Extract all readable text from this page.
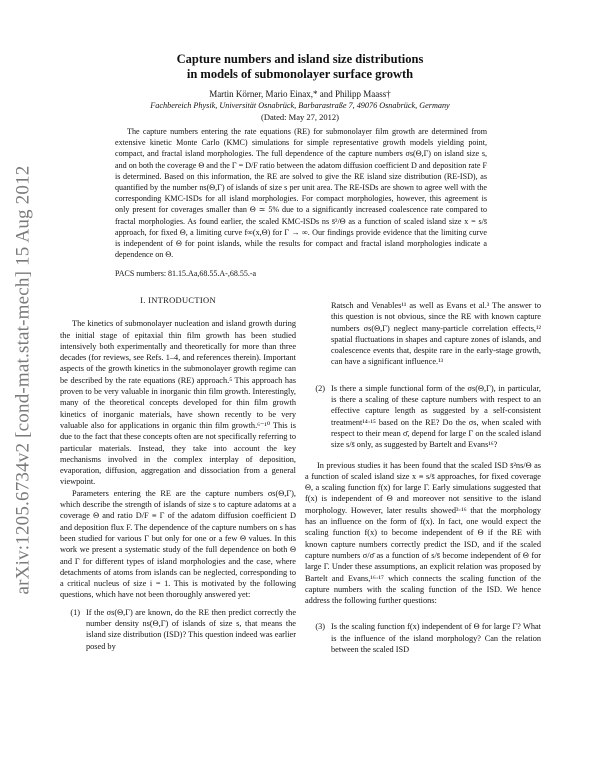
arXiv:1205.6734v2 [cond-mat.stat-mech] 15 Aug 2012
Capture numbers and island size distributions
in models of submonolayer surface growth
Martin Körner, Mario Einax,* and Philipp Maass†
Fachbereich Physik, Universität Osnabrück, Barbarastraße 7, 49076 Osnabrück, Germany
(Dated: May 27, 2012)

The capture numbers entering the rate equations (RE) for submonolayer film growth are determined from extensive kinetic Monte Carlo (KMC) simulations for simple representative growth models yielding point, compact, and fractal island morphologies. The full dependence of the capture numbers σs(Θ,Γ) on island size s, and on both the coverage Θ and the Γ = D/F ratio between the adatom diffusion coefficient D and deposition rate F is determined. Based on this information, the RE are solved to give the RE island size distribution (RE-ISD), as quantified by the number ns(Θ,Γ) of islands of size s per unit area. The RE-ISDs are shown to agree well with the corresponding KMC-ISDs for all island morphologies. For compact morphologies, however, this agreement is only present for coverages smaller than Θ ≃ 5% due to a significantly increased coalescence rate compared to fractal morphologies. As found earlier, the scaled KMC-ISDs ns s̄²/Θ as a function of scaled island size x = s/s̄ approach, for fixed Θ, a limiting curve f∞(x,Θ) for Γ → ∞. Our findings provide evidence that the limiting curve is independent of Θ for point islands, while the results for compact and fractal island morphologies indicate a dependence on Θ.

PACS numbers: 81.15.Aa,68.55.A-,68.55.-a
I. INTRODUCTION

The kinetics of submonolayer nucleation and island growth during the initial stage of epitaxial thin film growth has been studied intensively both experimentally and theoretically for more than three decades (for reviews, see Refs. 1–4, and references therein). Important aspects of the growth kinetics in the submonolayer growth regime can be described by the rate equations (RE) approach.⁵ This approach has proven to be very valuable in inorganic thin film growth. Interestingly, many of the theoretical concepts developed for thin film growth kinetics of inorganic materials, have shown recently to be very valuable also for applications in organic thin film growth.⁶⁻¹⁰ This is due to the fact that these concepts often are not specifically referring to particular materials. Instead, they take into account the key mechanisms involved in the complex interplay of deposition, evaporation, diffusion, aggregation and dissociation from a general viewpoint.

Parameters entering the RE are the capture numbers σs(Θ,Γ), which describe the strength of islands of size s to capture adatoms at a coverage Θ and ratio D/F ≡ Γ of the adatom diffusion coefficient D and deposition flux F. The dependence of the capture numbers on s has been studied for various Γ but only for one or a few Θ values. In this work we present a systematic study of the full dependence on both Θ and Γ for different types of island morphologies and the case, where detachments of atoms from islands can be neglected, corresponding to a critical nucleus of size i = 1. This is motivated by the following questions, which have not been thoroughly answered yet:

(1) If the σs(Θ,Γ) are known, do the RE then predict correctly the number density ns(Θ,Γ) of islands of size s, that means the island size distribution (ISD)? This question indeed was earlier posed by
Ratsch and Venables¹¹ as well as Evans et al.³ The answer to this question is not obvious, since the RE with known capture numbers σs(Θ,Γ) neglect many-particle correlation effects,¹² spatial fluctuations in shapes and capture zones of islands, and coalescence events that, despite rare in the early-stage growth, can have a significant influence.¹³
(2) Is there a simple functional form of the σs(Θ,Γ), in particular, is there a scaling of these capture numbers with respect to an effective capture length as suggested by a self-consistent treatment¹⁴·¹⁵ based on the RE? Do the σs, when scaled with respect to their mean σ̄, depend for large Γ on the scaled island size s/s̄ only, as suggested by Bartelt and Evans¹⁶?

In previous studies it has been found that the scaled ISD s̄²ns/Θ as a function of scaled island size x ≡ s/s̄ approaches, for fixed coverage Θ, a scaling function f(x) for large Γ. Early simulations suggested that f(x) is independent of Θ and moreover not sensitive to the island morphology. However, later results showed³·¹⁶ that the morphology has an influence on the form of f(x). In fact, one would expect the scaling function f(x) to become independent of Θ if the RE with known capture numbers correctly predict the ISD, and if the scaled capture numbers σ/σ̄ as a function of s/s̄ become independent of Θ for large Γ. Under these assumptions, an explicit relation was proposed by Bartelt and Evans,¹⁶·¹⁷ which connects the scaling function of the capture numbers with the scaling function of the ISD. We hence address the following further questions:

(3) Is the scaling function f(x) independent of Θ for large Γ? What is the influence of the island morphology? Can the relation between the scaled ISD
